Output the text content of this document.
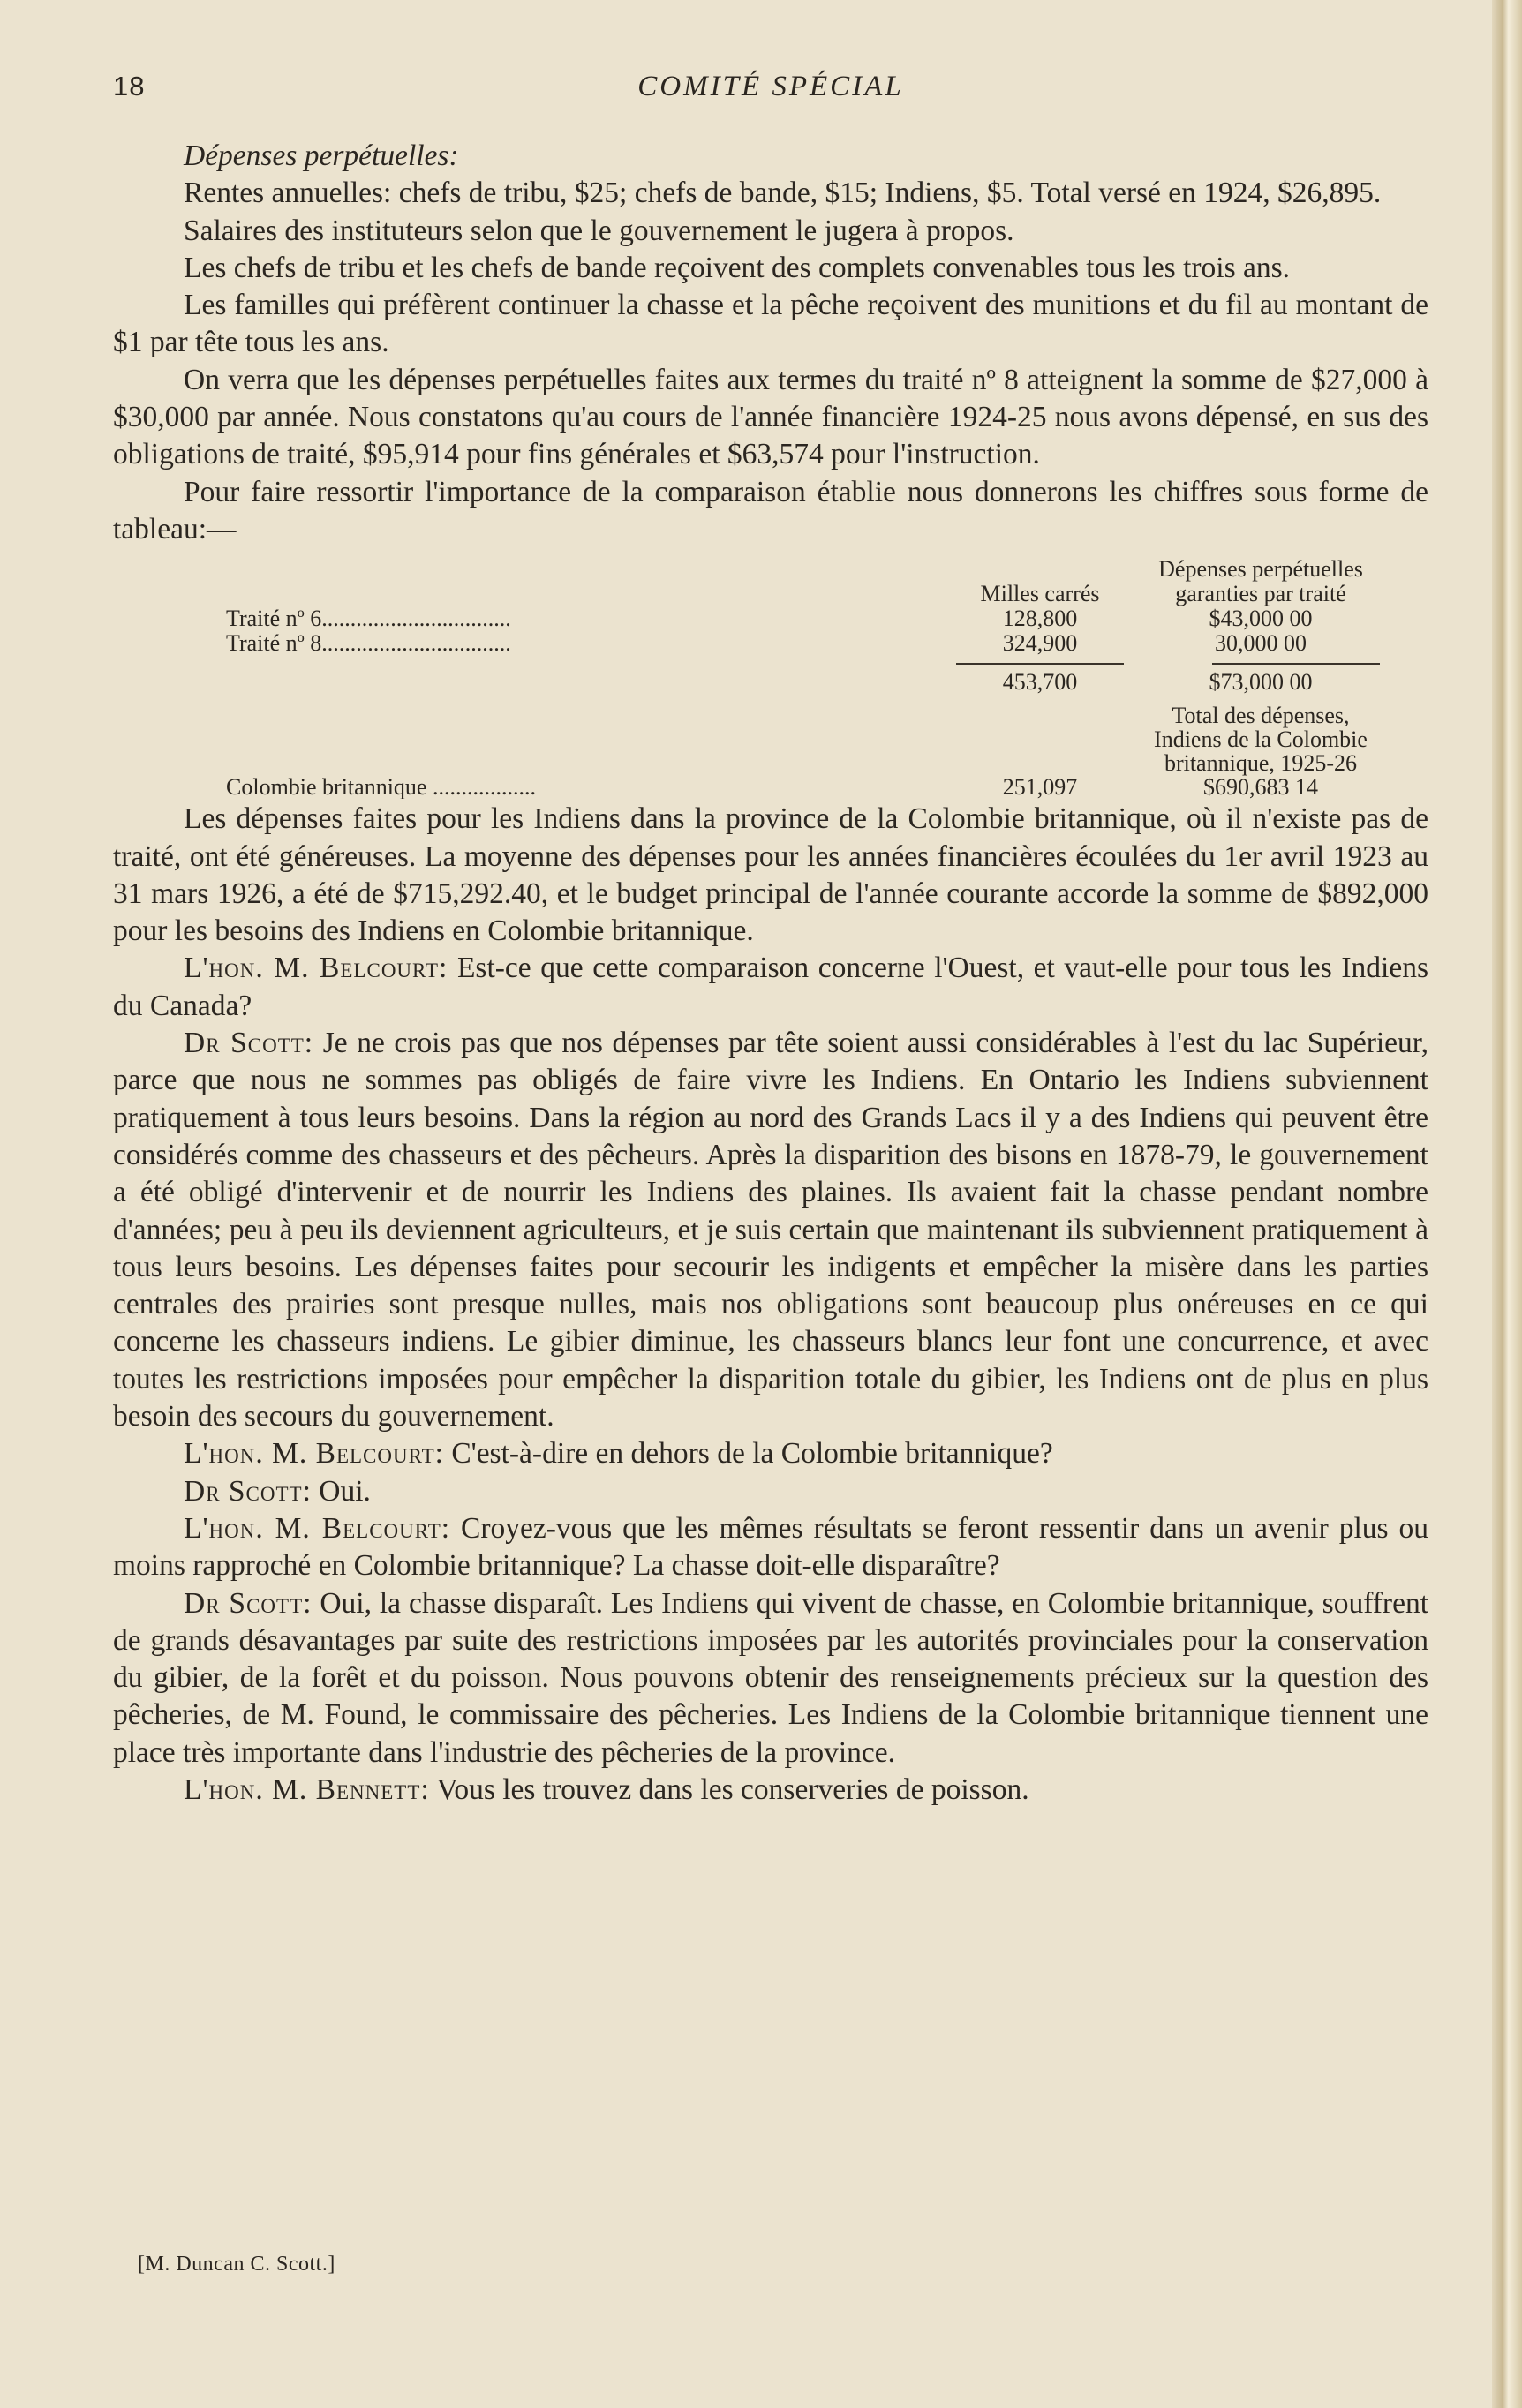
18	COMITÉ SPÉCIAL

Dépenses perpétuelles:

Rentes annuelles: chefs de tribu, $25; chefs de bande, $15; Indiens, $5. Total versé en 1924, $26,895.

Salaires des instituteurs selon que le gouvernement le jugera à propos.

Les chefs de tribu et les chefs de bande reçoivent des complets convenables tous les trois ans.

Les familles qui préfèrent continuer la chasse et la pêche reçoivent des munitions et du fil au montant de $1 par tête tous les ans.

On verra que les dépenses perpétuelles faites aux termes du traité nº 8 atteignent la somme de $27,000 à $30,000 par année. Nous constatons qu'au cours de l'année financière 1924-25 nous avons dépensé, en sus des obligations de traité, $95,914 pour fins générales et $63,574 pour l'instruction.

Pour faire ressortir l'importance de la comparaison établie nous donnerons les chiffres sous forme de tableau:—

Dépenses perpétuelles
Milles carrés	garanties par traité
Traité nº 6.................................	128,800	$43,000 00
Traité nº 8.................................	324,900	30,000 00
453,700	$73,000 00
Total des dépenses,
Indiens de la Colombie
britannique, 1925-26
Colombie britannique ..................	251,097	$690,683 14

Les dépenses faites pour les Indiens dans la province de la Colombie britannique, où il n'existe pas de traité, ont été généreuses. La moyenne des dépenses pour les années financières écoulées du 1er avril 1923 au 31 mars 1926, a été de $715,292.40, et le budget principal de l'année courante accorde la somme de $892,000 pour les besoins des Indiens en Colombie britannique.

L'hon. M. Belcourt: Est-ce que cette comparaison concerne l'Ouest, et vaut-elle pour tous les Indiens du Canada?

Dr Scott: Je ne crois pas que nos dépenses par tête soient aussi considérables à l'est du lac Supérieur, parce que nous ne sommes pas obligés de faire vivre les Indiens. En Ontario les Indiens subviennent pratiquement à tous leurs besoins. Dans la région au nord des Grands Lacs il y a des Indiens qui peuvent être considérés comme des chasseurs et des pêcheurs. Après la disparition des bisons en 1878-79, le gouvernement a été obligé d'intervenir et de nourrir les Indiens des plaines. Ils avaient fait la chasse pendant nombre d'années; peu à peu ils deviennent agriculteurs, et je suis certain que maintenant ils subviennent pratiquement à tous leurs besoins. Les dépenses faites pour secourir les indigents et empêcher la misère dans les parties centrales des prairies sont presque nulles, mais nos obligations sont beaucoup plus onéreuses en ce qui concerne les chasseurs indiens. Le gibier diminue, les chasseurs blancs leur font une concurrence, et avec toutes les restrictions imposées pour empêcher la disparition totale du gibier, les Indiens ont de plus en plus besoin des secours du gouvernement.

L'hon. M. Belcourt: C'est-à-dire en dehors de la Colombie britannique?

Dr Scott: Oui.

L'hon. M. Belcourt: Croyez-vous que les mêmes résultats se feront ressentir dans un avenir plus ou moins rapproché en Colombie britannique? La chasse doit-elle disparaître?

Dr Scott: Oui, la chasse disparaît. Les Indiens qui vivent de chasse, en Colombie britannique, souffrent de grands désavantages par suite des restrictions imposées par les autorités provinciales pour la conservation du gibier, de la forêt et du poisson. Nous pouvons obtenir des renseignements précieux sur la question des pêcheries, de M. Found, le commissaire des pêcheries. Les Indiens de la Colombie britannique tiennent une place très importante dans l'industrie des pêcheries de la province.

L'hon. M. Bennett: Vous les trouvez dans les conserveries de poisson.

[M. Duncan C. Scott.]
